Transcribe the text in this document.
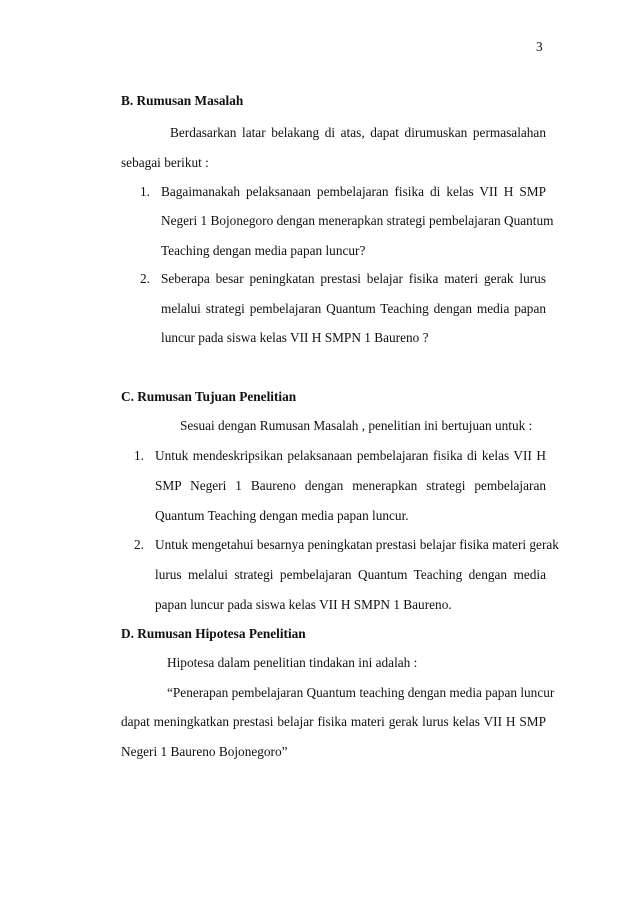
3
B. Rumusan Masalah
Berdasarkan latar belakang di atas, dapat dirumuskan permasalahan
sebagai berikut :
1. Bagaimanakah pelaksanaan pembelajaran fisika di kelas VII H SMP
Negeri 1 Bojonegoro dengan menerapkan strategi pembelajaran Quantum
Teaching dengan media papan luncur?
2. Seberapa besar peningkatan prestasi belajar fisika materi gerak lurus
melalui strategi pembelajaran Quantum Teaching dengan media papan
luncur pada siswa kelas VII H SMPN 1 Baureno ?
C. Rumusan Tujuan Penelitian
Sesuai dengan Rumusan Masalah , penelitian ini bertujuan untuk :
1. Untuk mendeskripsikan pelaksanaan pembelajaran fisika di kelas VII H
SMP Negeri 1 Baureno dengan menerapkan strategi pembelajaran
Quantum Teaching dengan media papan luncur.
2. Untuk mengetahui besarnya peningkatan prestasi belajar fisika materi gerak
lurus melalui strategi pembelajaran Quantum Teaching dengan media
papan luncur pada siswa kelas VII H SMPN 1 Baureno.
D. Rumusan Hipotesa Penelitian
Hipotesa dalam penelitian tindakan ini adalah :
“Penerapan pembelajaran Quantum teaching dengan media papan luncur
dapat meningkatkan prestasi belajar fisika materi gerak lurus kelas VII H SMP
Negeri 1 Baureno Bojonegoro”
